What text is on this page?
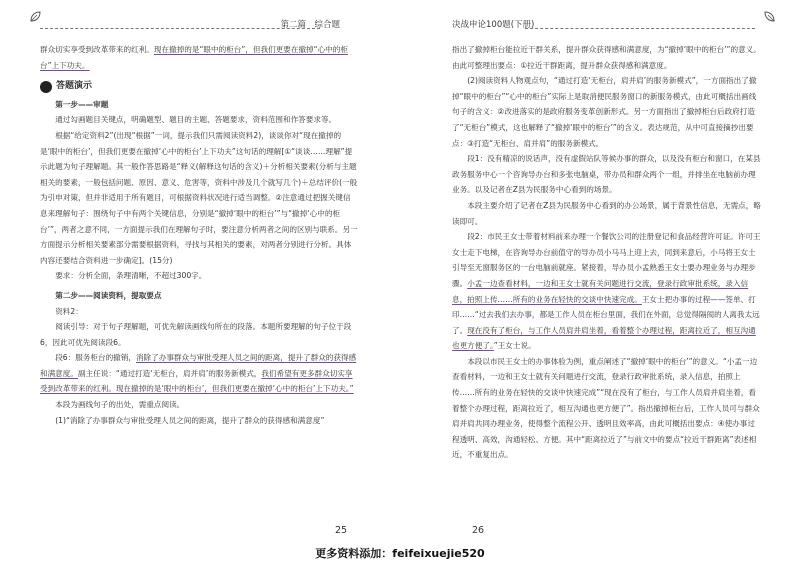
第二篇　综合题

群众切实享受到改革带来的红利。现在撤掉的是“眼中的柜台”，但我们更要在撤掉“心中的柜台”上下功夫。

答题演示

第一步——审题

通过勾画题目关键点，明确题型、题目的主题、答题要求，资料范围和作答要求等。

根据“给定资料2”(出现“根据”一词，提示我们只需阅读资料2)，谈谈你对“现在撤掉的是‘眼中的柜台’，但我们更要在撤掉‘心中的柜台’上下功夫”这句话的理解[①“谈谈……理解”提示此题为句子理解题。其一般作答思路是“释义(解释这句话的含义)＋分析相关要素(分析与主题相关的要素，一般包括问题、原因、意义、危害等，资料中涉及几个就写几个)＋总结评价(一般为引申对策，但并非适用于所有题目，可根据资料状况进行适当调整。②注意通过把握关键信息来理解句子：围绕句子中有两个关键信息，分别是“撤掉‘眼中的柜台’”与“撤掉‘心中的柜台’”，两者之意不同，一方面提示我们在理解句子时，要注意分析两者之间的区别与联系。另一方面提示分析相关要素部分需要根据资料，寻找与其相关的要素，对两者分别进行分析。具体内容还要结合资料进一步确定]。(15分)

要求：分析全面，条理清晰，不超过300字。

第二步——阅读资料，提取要点

资料2：

阅读引导：对于句子理解题，可优先解读画线句所在的段落。本题所要理解的句子位于段6，因此可优先阅读段6。

段6：服务柜台的撤销，消除了办事群众与审批受理人员之间的距离，提升了群众的获得感和满意度。副主任说：“通过打造‘无柜台，肩并肩’的服务新模式，我们希望有更多群众切实享受到改革带来的红利。现在撤掉的是‘眼中的柜台’，但我们更要在撤掉‘心中的柜台’上下功夫。”

本段为画线句子的出处，需重点阅读。

(1)“消除了办事群众与审批受理人员之间的距离，提升了群众的获得感和满意度”

25
决战申论100题(下册)

指出了撤掉柜台能拉近干群关系，提升群众获得感和满意度，为“撤掉‘眼中的柜台’”的意义。由此可整理出要点：①拉近干群距离，提升群众获得感和满意度。

(2)阅读资料人物观点句，“通过打造‘无柜台，肩并肩’的服务新模式”，一方面指出了撤掉“眼中的柜台”“心中的柜台”实际上是取消便民服务窗口的新服务模式，由此可概括出画线句子的含义：②改进落实的是政府服务变革创新形式。另一方面指出了撤掉柜台后政府打造了“无柜台”模式，这也解释了“撤掉‘眼中的柜台’”的含义。表达规范，从中可直接摘抄出要点：③打造“无柜台、肩并肩”的服务新模式。

段1：没有精凉的说话声，没有虚假站队等候办事的群众，以及没有柜台和窗口，在某县政务服务中心一个咨询导办台和多张电脑桌，带办员和群众两个一组，并排坐在电脑前办理业务。以及记者在Z县为民服务中心看到的场景。

本段主要介绍了记者在Z县为民服务中心看到的办公场景，属于背景性信息，无需点，略读即可。

段2：市民王女士带着材料前来办理一个餐饮公司的注册登记和食品经营许可证。许可王女士走下电梯，在咨询导办台前值守的导办员小马马上迎上去，同到来意后，小马将王女士引导至无窗服务区的一台电脑前就座。紧接着，导办员小孟熟悉王女士要办理业务与办理步骤。小孟一边查看材料，一边和王女士就有关问题进行交流，登录行政审批系统，录入信息，拍照上传……所有的业务在轻快的交谈中快速完成。王女士把办事的过程——签单、打印……“过去我们去办事，都是工作人员在柜台里面，我们在外面，总觉得隔阂的人离我太远了。现在没有了柜台，与工作人员肩并肩坐着，看着整个办理过程，距离拉近了，相互沟通也更方便了。”王女士说。

本段以市民王女士的办事体验为例，重点阐述了“撤掉‘眼中的柜台’”的意义。“小孟一边查看材料，一边和王女士就有关问题进行交流，登录行政审批系统，录入信息，拍照上传……所有的业务在轻快的交谈中快速完成”“现在没有了柜台，与工作人员肩并肩坐着，看着整个办理过程，距离拉近了，相互沟通也更方便了”。指出撤掉柜台后，工作人员可与群众肩并肩共同办理业务，使得整个流程公开、透明且效率高，由此可概括出要点：④使办事过程透明、高效，沟通轻松、方便。其中“距离拉近了”与前文中的要点“拉近干群距离”表述相近，不重复出点。

26
更多资料添加：feifeixuejie520
